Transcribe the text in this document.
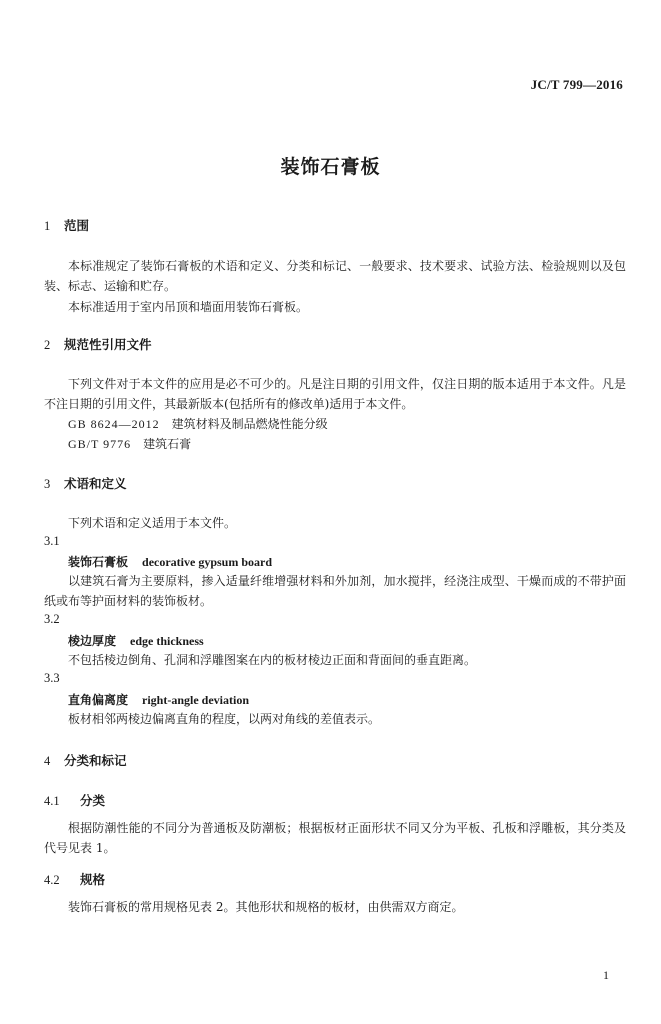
JC/T 799—2016
装饰石膏板
1 范围
本标准规定了装饰石膏板的术语和定义、分类和标记、一般要求、技术要求、试验方法、检验规则以及包装、标志、运输和贮存。
本标准适用于室内吊顶和墙面用装饰石膏板。
2 规范性引用文件
下列文件对于本文件的应用是必不可少的。凡是注日期的引用文件，仅注日期的版本适用于本文件。凡是不注日期的引用文件，其最新版本(包括所有的修改单)适用于本文件。
GB 8624—2012 建筑材料及制品燃烧性能分级
GB/T 9776 建筑石膏
3 术语和定义
下列术语和定义适用于本文件。
3.1
装饰石膏板 decorative gypsum board
以建筑石膏为主要原料，掺入适量纤维增强材料和外加剂，加水搅拌，经浇注成型、干燥而成的不带护面纸或布等护面材料的装饰板材。
3.2
棱边厚度 edge thickness
不包括棱边倒角、孔洞和浮雕图案在内的板材棱边正面和背面间的垂直距离。
3.3
直角偏离度 right-angle deviation
板材相邻两棱边偏离直角的程度，以两对角线的差值表示。
4 分类和标记
4.1 分类
根据防潮性能的不同分为普通板及防潮板；根据板材正面形状不同又分为平板、孔板和浮雕板，其分类及代号见表 1。
4.2 规格
装饰石膏板的常用规格见表 2。其他形状和规格的板材，由供需双方商定。
1
